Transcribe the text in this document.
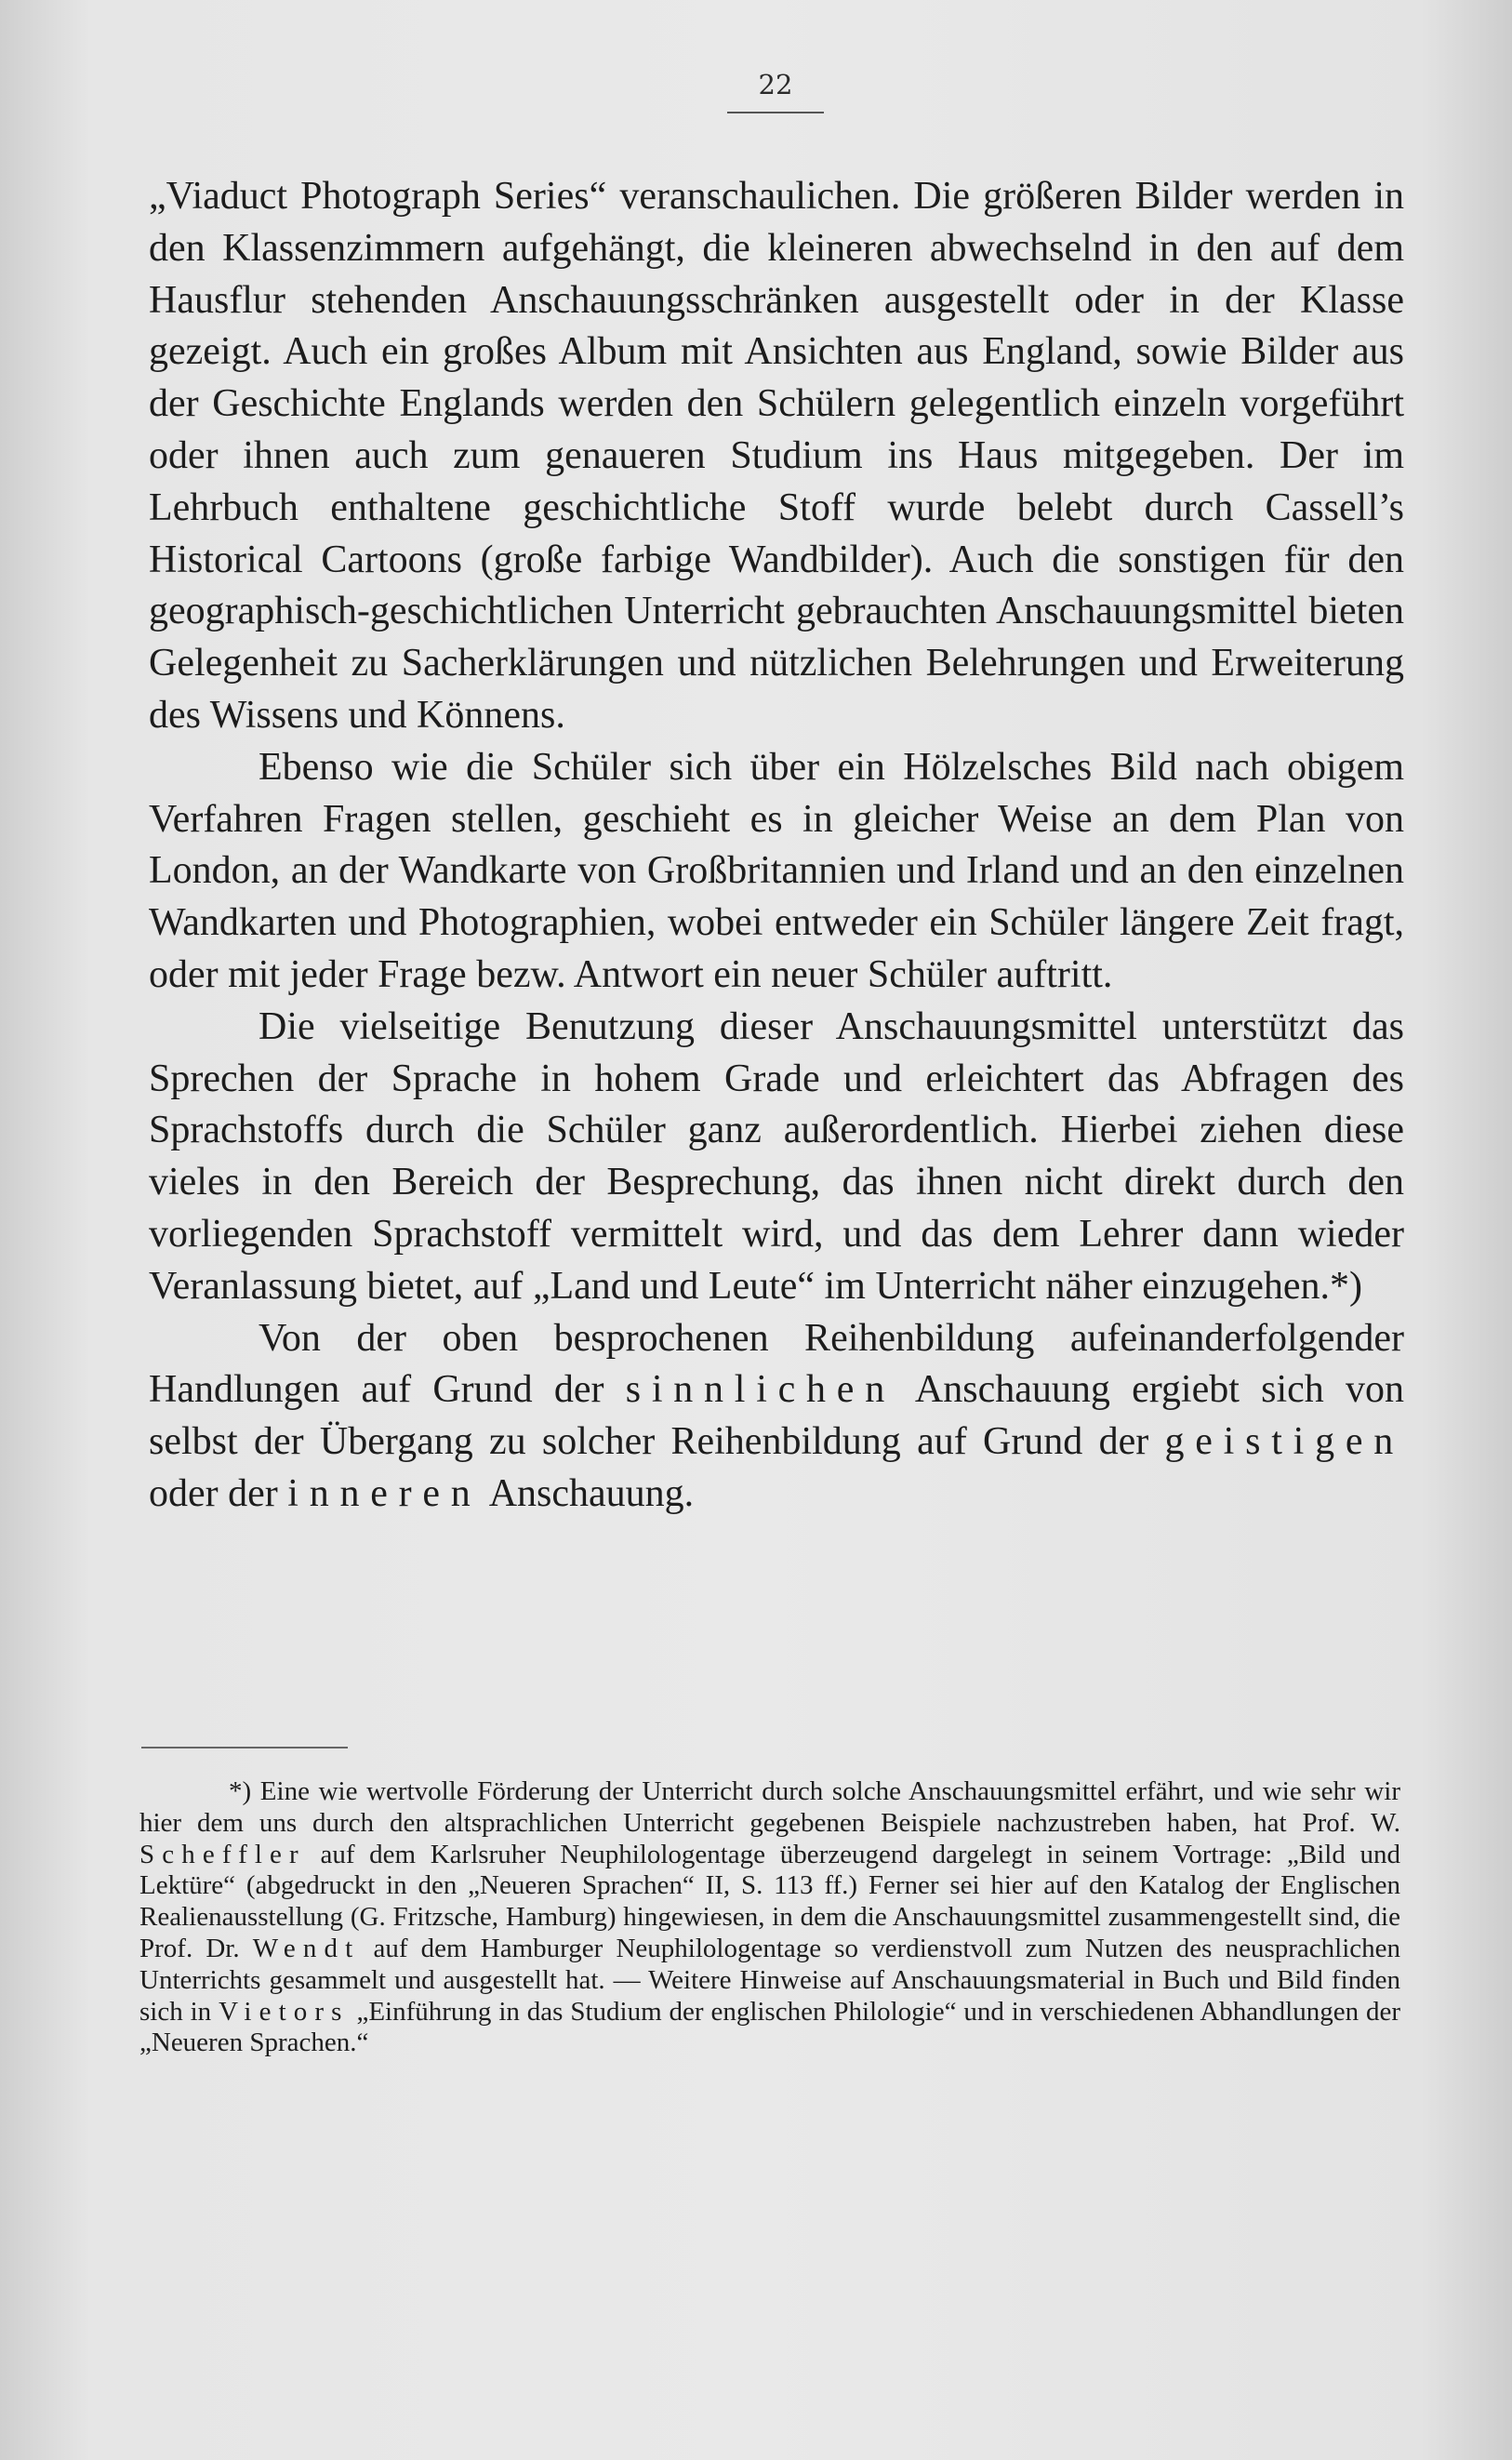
22

„Viaduct Photograph Series“ veranschaulichen. Die größeren Bilder werden in den Klassenzimmern aufgehängt, die kleineren abwechselnd in den auf dem Hausflur stehenden Anschauungsschränken ausgestellt oder in der Klasse gezeigt. Auch ein großes Album mit Ansichten aus England, sowie Bilder aus der Geschichte Englands werden den Schülern gelegentlich einzeln vorgeführt oder ihnen auch zum genaueren Studium ins Haus mitgegeben. Der im Lehrbuch enthaltene geschichtliche Stoff wurde belebt durch Cassell’s Historical Cartoons (große farbige Wandbilder). Auch die sonstigen für den geographisch-geschichtlichen Unterricht gebrauchten Anschauungsmittel bieten Gelegenheit zu Sacherklärungen und nützlichen Belehrungen und Erweiterung des Wissens und Könnens.

Ebenso wie die Schüler sich über ein Hölzelsches Bild nach obigem Verfahren Fragen stellen, geschieht es in gleicher Weise an dem Plan von London, an der Wandkarte von Großbritannien und Irland und an den einzelnen Wandkarten und Photographien, wobei entweder ein Schüler längere Zeit fragt, oder mit jeder Frage bezw. Antwort ein neuer Schüler auftritt.

Die vielseitige Benutzung dieser Anschauungsmittel unterstützt das Sprechen der Sprache in hohem Grade und erleichtert das Abfragen des Sprachstoffs durch die Schüler ganz außerordentlich. Hierbei ziehen diese vieles in den Bereich der Besprechung, das ihnen nicht direkt durch den vorliegenden Sprachstoff vermittelt wird, und das dem Lehrer dann wieder Veranlassung bietet, auf „Land und Leute“ im Unterricht näher einzugehen.*)

Von der oben besprochenen Reihenbildung aufeinanderfolgender Handlungen auf Grund der sinnlichen Anschauung ergiebt sich von selbst der Übergang zu solcher Reihenbildung auf Grund der geistigen oder der inneren Anschauung.

*) Eine wie wertvolle Förderung der Unterricht durch solche Anschauungsmittel erfährt, und wie sehr wir hier dem uns durch den altsprachlichen Unterricht gegebenen Beispiele nachzustreben haben, hat Prof. W. Scheffler auf dem Karlsruher Neuphilologentage überzeugend dargelegt in seinem Vortrage: „Bild und Lektüre“ (abgedruckt in den „Neueren Sprachen“ II, S. 113 ff.) Ferner sei hier auf den Katalog der Englischen Realienausstellung (G. Fritzsche, Hamburg) hingewiesen, in dem die Anschauungsmittel zusammengestellt sind, die Prof. Dr. Wendt auf dem Hamburger Neuphilologentage so verdienstvoll zum Nutzen des neusprachlichen Unterrichts gesammelt und ausgestellt hat. — Weitere Hinweise auf Anschauungsmaterial in Buch und Bild finden sich in Vietors „Einführung in das Studium der englischen Philologie“ und in verschiedenen Abhandlungen der „Neueren Sprachen.“
